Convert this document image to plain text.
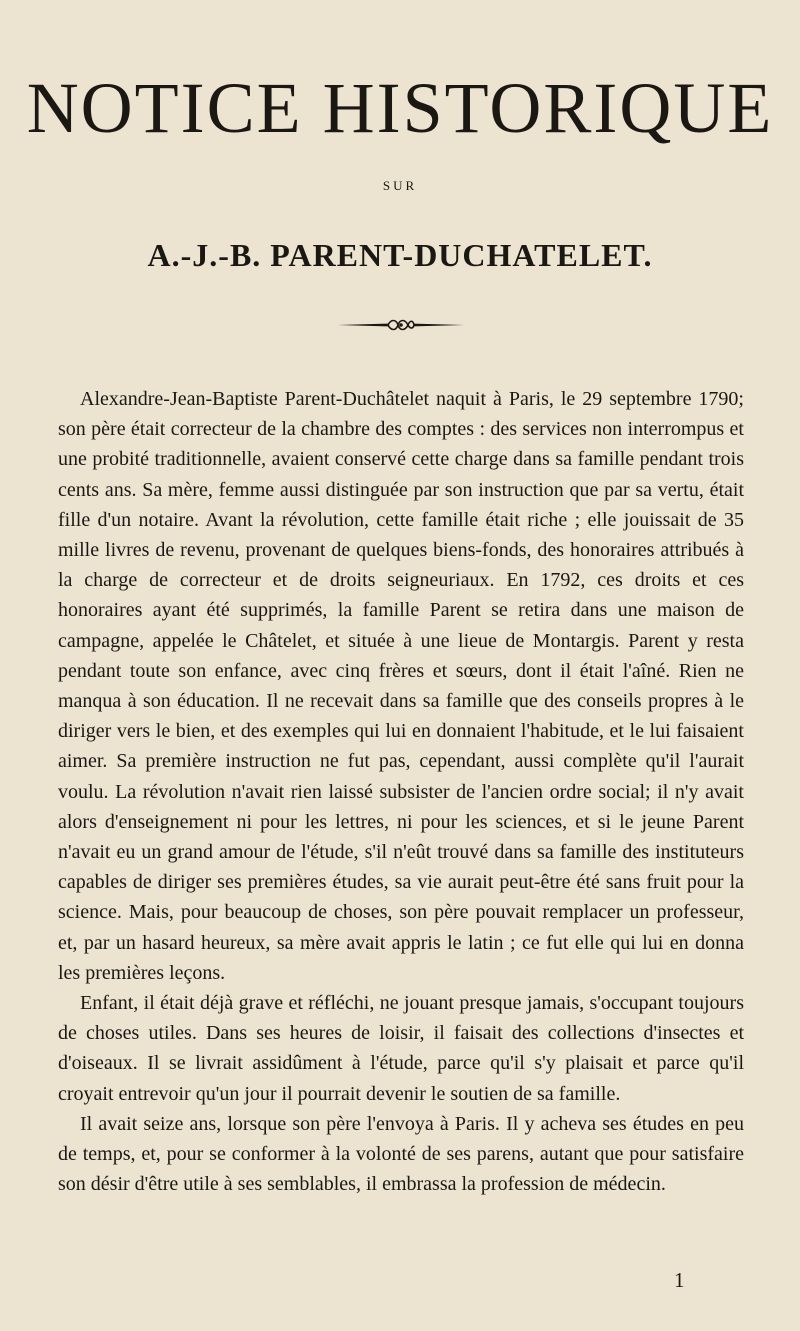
NOTICE HISTORIQUE
SUR
A.-J.-B. PARENT-DUCHATELET.

Alexandre-Jean-Baptiste Parent-Duchâtelet naquit à Paris, le 29 septembre 1790; son père était correcteur de la chambre des comptes : des services non interrompus et une probité traditionnelle, avaient conservé cette charge dans sa famille pendant trois cents ans. Sa mère, femme aussi distinguée par son instruction que par sa vertu, était fille d'un notaire. Avant la révolution, cette famille était riche ; elle jouissait de 35 mille livres de revenu, provenant de quelques biens-fonds, des honoraires attribués à la charge de correcteur et de droits seigneuriaux. En 1792, ces droits et ces honoraires ayant été supprimés, la famille Parent se retira dans une maison de campagne, appelée le Châtelet, et située à une lieue de Montargis. Parent y resta pendant toute son enfance, avec cinq frères et sœurs, dont il était l'aîné. Rien ne manqua à son éducation. Il ne recevait dans sa famille que des conseils propres à le diriger vers le bien, et des exemples qui lui en donnaient l'habitude, et le lui faisaient aimer. Sa première instruction ne fut pas, cependant, aussi complète qu'il l'aurait voulu. La révolution n'avait rien laissé subsister de l'ancien ordre social; il n'y avait alors d'enseignement ni pour les lettres, ni pour les sciences, et si le jeune Parent n'avait eu un grand amour de l'étude, s'il n'eût trouvé dans sa famille des instituteurs capables de diriger ses premières études, sa vie aurait peut-être été sans fruit pour la science. Mais, pour beaucoup de choses, son père pouvait remplacer un professeur, et, par un hasard heureux, sa mère avait appris le latin ; ce fut elle qui lui en donna les premières leçons.

Enfant, il était déjà grave et réfléchi, ne jouant presque jamais, s'occupant toujours de choses utiles. Dans ses heures de loisir, il faisait des collections d'insectes et d'oiseaux. Il se livrait assidûment à l'étude, parce qu'il s'y plaisait et parce qu'il croyait entrevoir qu'un jour il pourrait devenir le soutien de sa famille.

Il avait seize ans, lorsque son père l'envoya à Paris. Il y acheva ses études en peu de temps, et, pour se conformer à la volonté de ses parens, autant que pour satisfaire son désir d'être utile à ses semblables, il embrassa la profession de médecin.

1
